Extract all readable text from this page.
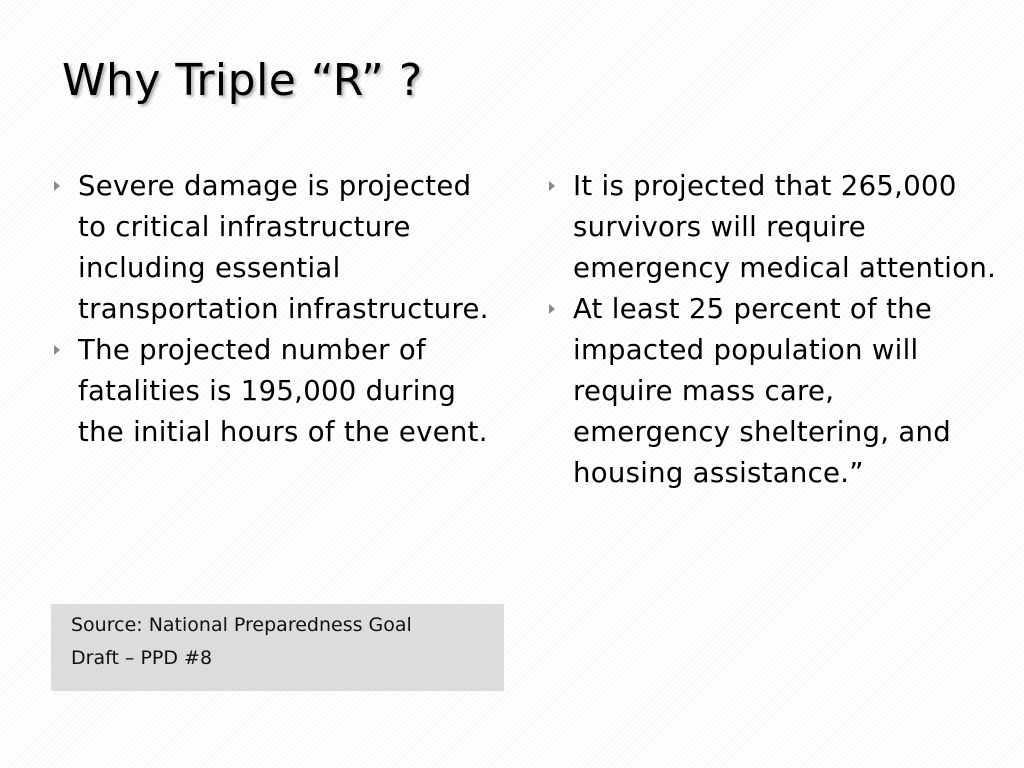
Why Triple “R” ?
Severe damage is projected to critical infrastructure including essential transportation infrastructure.
The projected number of fatalities is 195,000 during the initial hours of the event.
It is projected that 265,000 survivors will require emergency medical attention.
At least 25 percent of the impacted population will require mass care, emergency sheltering, and housing assistance.”
Source: National Preparedness Goal
Draft – PPD #8
